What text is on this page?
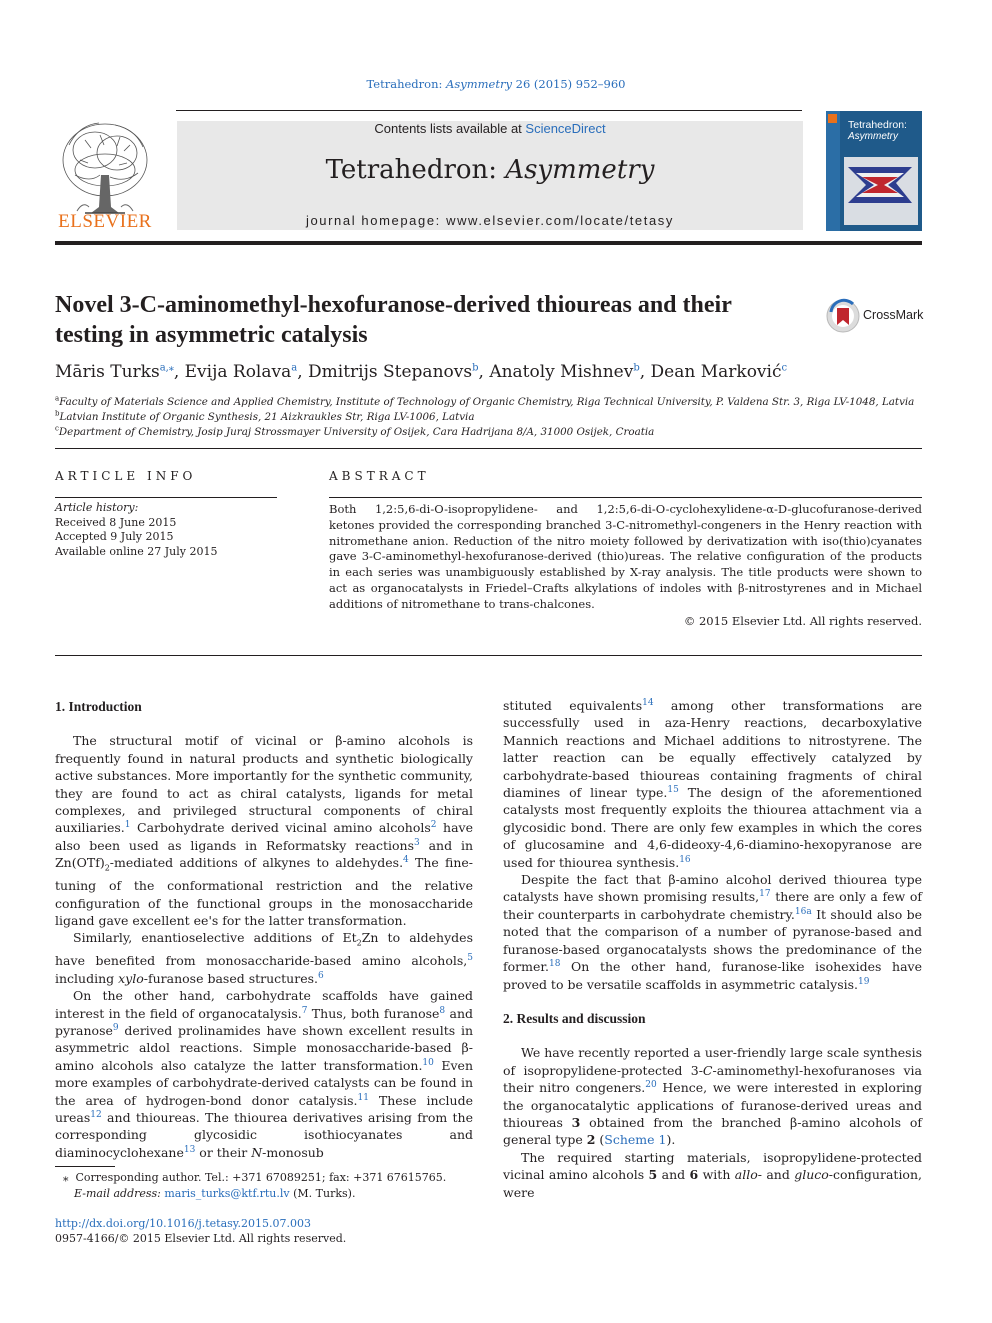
Tetrahedron: Asymmetry 26 (2015) 952–960
ELSEVIER
Contents lists available at ScienceDirect
Tetrahedron: Asymmetry
journal homepage: www.elsevier.com/locate/tetasy
Tetrahedron:
Asymmetry
Novel 3-C-aminomethyl-hexofuranose-derived thioureas and their testing in asymmetric catalysis
CrossMark
Māris Turks$^{a,⁎}$, Evija Rolava$^a$, Dmitrijs Stepanovs$^b$, Anatoly Mishnev$^b$, Dean Marković$^c$
$^a$Faculty of Materials Science and Applied Chemistry, Institute of Technology of Organic Chemistry, Riga Technical University, P. Valdena Str. 3, Riga LV-1048, Latvia
$^b$Latvian Institute of Organic Synthesis, 21 Aizkraukles Str, Riga LV-1006, Latvia
$^c$Department of Chemistry, Josip Juraj Strossmayer University of Osijek, Cara Hadrijana 8/A, 31000 Osijek, Croatia
ARTICLE INFO
Article history:
Received 8 June 2015
Accepted 9 July 2015
Available online 27 July 2015
ABSTRACT
Both 1,2:5,6-di-O-isopropylidene- and 1,2:5,6-di-O-cyclohexylidene-α-D-glucofuranose-derived ketones provided the corresponding branched 3-C-nitromethyl-congeners in the Henry reaction with nitromethane anion. Reduction of the nitro moiety followed by derivatization with iso(thio)cyanates gave 3-C-aminomethyl-hexofuranose-derived (thio)ureas. The relative configuration of the products in each series was unambiguously established by X-ray analysis. The title products were shown to act as organocatalysts in Friedel–Crafts alkylations of indoles with β-nitrostyrenes and in Michael additions of nitromethane to trans-chalcones.
© 2015 Elsevier Ltd. All rights reserved.
1. Introduction

The structural motif of vicinal or β-amino alcohols is frequently found in natural products and synthetic biologically active substances. More importantly for the synthetic community, they are found to act as chiral catalysts, ligands for metal complexes, and privileged structural components of chiral auxiliaries.$^1$ Carbohydrate derived vicinal amino alcohols$^2$ have also been used as ligands in Reformatsky reactions$^3$ and in $Zn(OTf)_2$-mediated additions of alkynes to aldehydes.$^4$ The fine-tuning of the conformational restriction and the relative configuration of the functional groups in the monosaccharide ligand gave excellent ee's for the latter transformation.

Similarly, enantioselective additions of $Et_2Zn$ to aldehydes have benefited from monosaccharide-based amino alcohols,$^5$ including xylo-furanose based structures.$^6$

On the other hand, carbohydrate scaffolds have gained interest in the field of organocatalysis.$^7$ Thus, both furanose$^8$ and pyranose$^9$ derived prolinamides have shown excellent results in asymmetric aldol reactions. Simple monosaccharide-based β-amino alcohols also catalyze the latter transformation.$^{10}$ Even more examples of carbohydrate-derived catalysts can be found in the area of hydrogen-bond donor catalysis.$^{11}$ These include ureas$^{12}$ and thioureas. The thiourea derivatives arising from the corresponding glycosidic isothiocyanates and diaminocyclohexane$^{13}$ or their N-monosub

stituted equivalents$^{14}$ among other transformations are successfully used in aza-Henry reactions, decarboxylative Mannich reactions and Michael additions to nitrostyrene. The latter reaction can be equally effectively catalyzed by carbohydrate-based thioureas containing fragments of chiral diamines of linear type.$^{15}$ The design of the aforementioned catalysts most frequently exploits the thiourea attachment via a glycosidic bond. There are only few examples in which the cores of glucosamine and 4,6-dideoxy-4,6-diamino-hexopyranose are used for thiourea synthesis.$^{16}$

Despite the fact that β-amino alcohol derived thiourea type catalysts have shown promising results,$^{17}$ there are only a few of their counterparts in carbohydrate chemistry.$^{16a}$ It should also be noted that the comparison of a number of pyranose-based and furanose-based organocatalysts shows the predominance of the former.$^{18}$ On the other hand, furanose-like isohexides have proved to be versatile scaffolds in asymmetric catalysis.$^{19}$

2. Results and discussion

We have recently reported a user-friendly large scale synthesis of isopropylidene-protected 3-C-aminomethyl-hexofuranoses via their nitro congeners.$^{20}$ Hence, we were interested in exploring the organocatalytic applications of furanose-derived ureas and thioureas 3 obtained from the branched β-amino alcohols of general type 2 (Scheme 1).

The required starting materials, isopropylidene-protected vicinal amino alcohols 5 and 6 with allo- and gluco-configuration, were

⁎ Corresponding author. Tel.: +371 67089251; fax: +371 67615765.
E-mail address: maris_turks@ktf.rtu.lv (M. Turks).
http://dx.doi.org/10.1016/j.tetasy.2015.07.003
0957-4166/© 2015 Elsevier Ltd. All rights reserved.
